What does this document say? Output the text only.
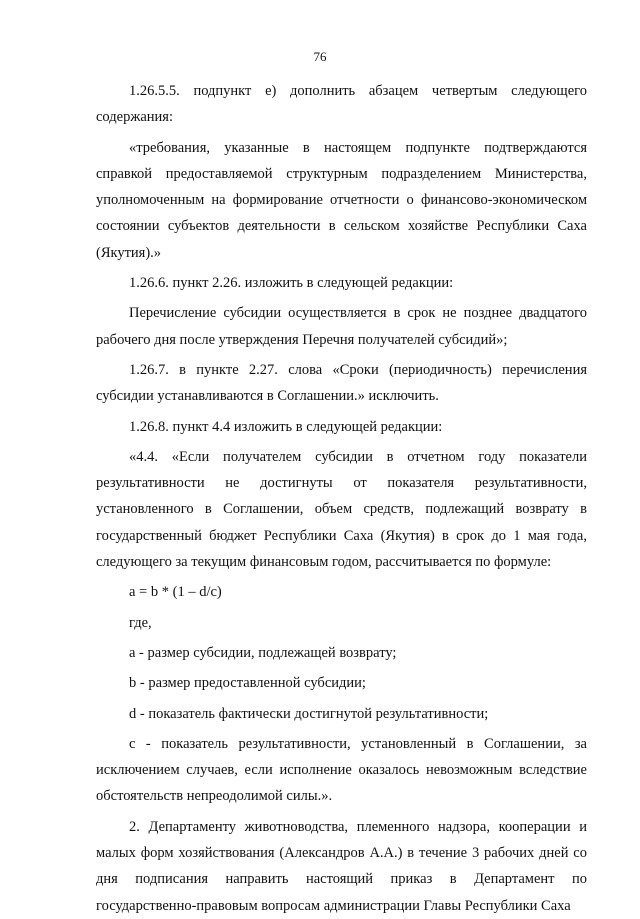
76

1.26.5.5. подпункт е) дополнить абзацем четвертым следующего содержания:

«требования, указанные в настоящем подпункте подтверждаются справкой предоставляемой структурным подразделением Министерства, уполномоченным на формирование отчетности о финансово-экономическом состоянии субъектов деятельности в сельском хозяйстве Республики Саха (Якутия).»

1.26.6. пункт 2.26. изложить в следующей редакции:

Перечисление субсидии осуществляется в срок не позднее двадцатого рабочего дня после утверждения Перечня получателей субсидий»;

1.26.7. в пункте 2.27. слова «Сроки (периодичность) перечисления субсидии устанавливаются в Соглашении.» исключить.

1.26.8. пункт 4.4 изложить в следующей редакции:

«4.4. «Если получателем субсидии в отчетном году показатели результативности не достигнуты от показателя результативности, установленного в Соглашении, объем средств, подлежащий возврату в государственный бюджет Республики Саха (Якутия) в срок до 1 мая года, следующего за текущим финансовым годом, рассчитывается по формуле:

a = b * (1 – d/c)

где,

a - размер субсидии, подлежащей возврату;

b - размер предоставленной субсидии;

d - показатель фактически достигнутой результативности;

c - показатель результативности, установленный в Соглашении, за исключением случаев, если исполнение оказалось невозможным вследствие обстоятельств непреодолимой силы.».

2. Департаменту животноводства, племенного надзора, кооперации и малых форм хозяйствования (Александров А.А.) в течение 3 рабочих дней со дня подписания направить настоящий приказ в Департамент по государственно-правовым вопросам администрации Главы Республики Саха
